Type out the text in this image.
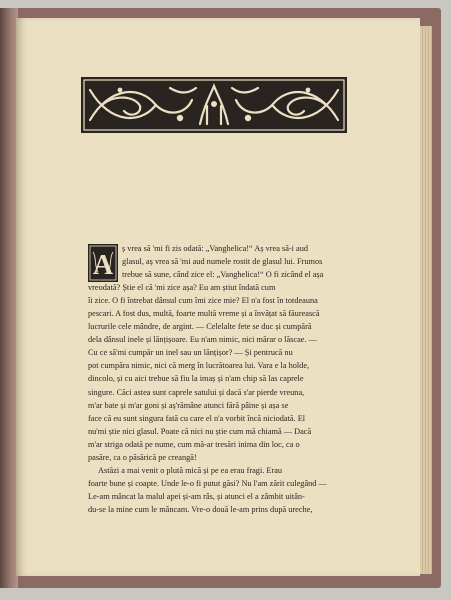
A
ș vrea să 'mi fi zis odată: „Vanghelica!“ Aș vrea să-i aud
glasul, aș vrea să 'mi aud numele rostit de glasul lui. Frumos
trebue să sune, când zice el: „Vanghelica!“ O fi zicând el așa
vreodată? Știe el că 'mi zice așa? Eu am știut îndată cum
îi zice. O fi întrebat dânsul cum îmi zice mie? El n'a fost în totdeauna
pescari. A fost dus, multă, foarte multă vreme și a învățat să făurească
lucrurile cele mândre, de argint. — Celelalte fete se duc și cumpără
dela dânsul inele și lănțișoare. Eu n'am nimic, nici mărar o lăscae. —
Cu ce să'mi cumpăr un inel sau un lănțișor? — Și pentrucă nu
pot cumpăra nimic, nici că merg în lucrătoarea lui. Vara e la holde,
dincolo, și cu aici trebue să fiu la imaș și n'am chip să las caprele
singure. Căci astea sunt caprele satului și dacă s'ar pierde vreuna,
m'ar bate și m'ar goni și aș'rămâne atunci fără pâine și așa se
face că eu sunt singura fată cu care el n'a vorbit încă niciodată. El
nu'mi știe nici glasul. Poate că nici nu știe cum mă chiamă — Dacă
m'ar striga odată pe nume, cum mă-ar tresări inima din loc, ca o
pasăre, ca o păsărică pe creangă!
Astăzi a mai venit o plută mică și pe ea erau fragi. Erau
foarte bune și coapte. Unde le-o fi putut găsi? Nu l'am zărit culegând —
Le-am mâncat la malul apei și-am râs, și atunci el a zâmbit uitân-
du-se la mine cum le mâncam. Vre-o două le-am prins după ureche,
